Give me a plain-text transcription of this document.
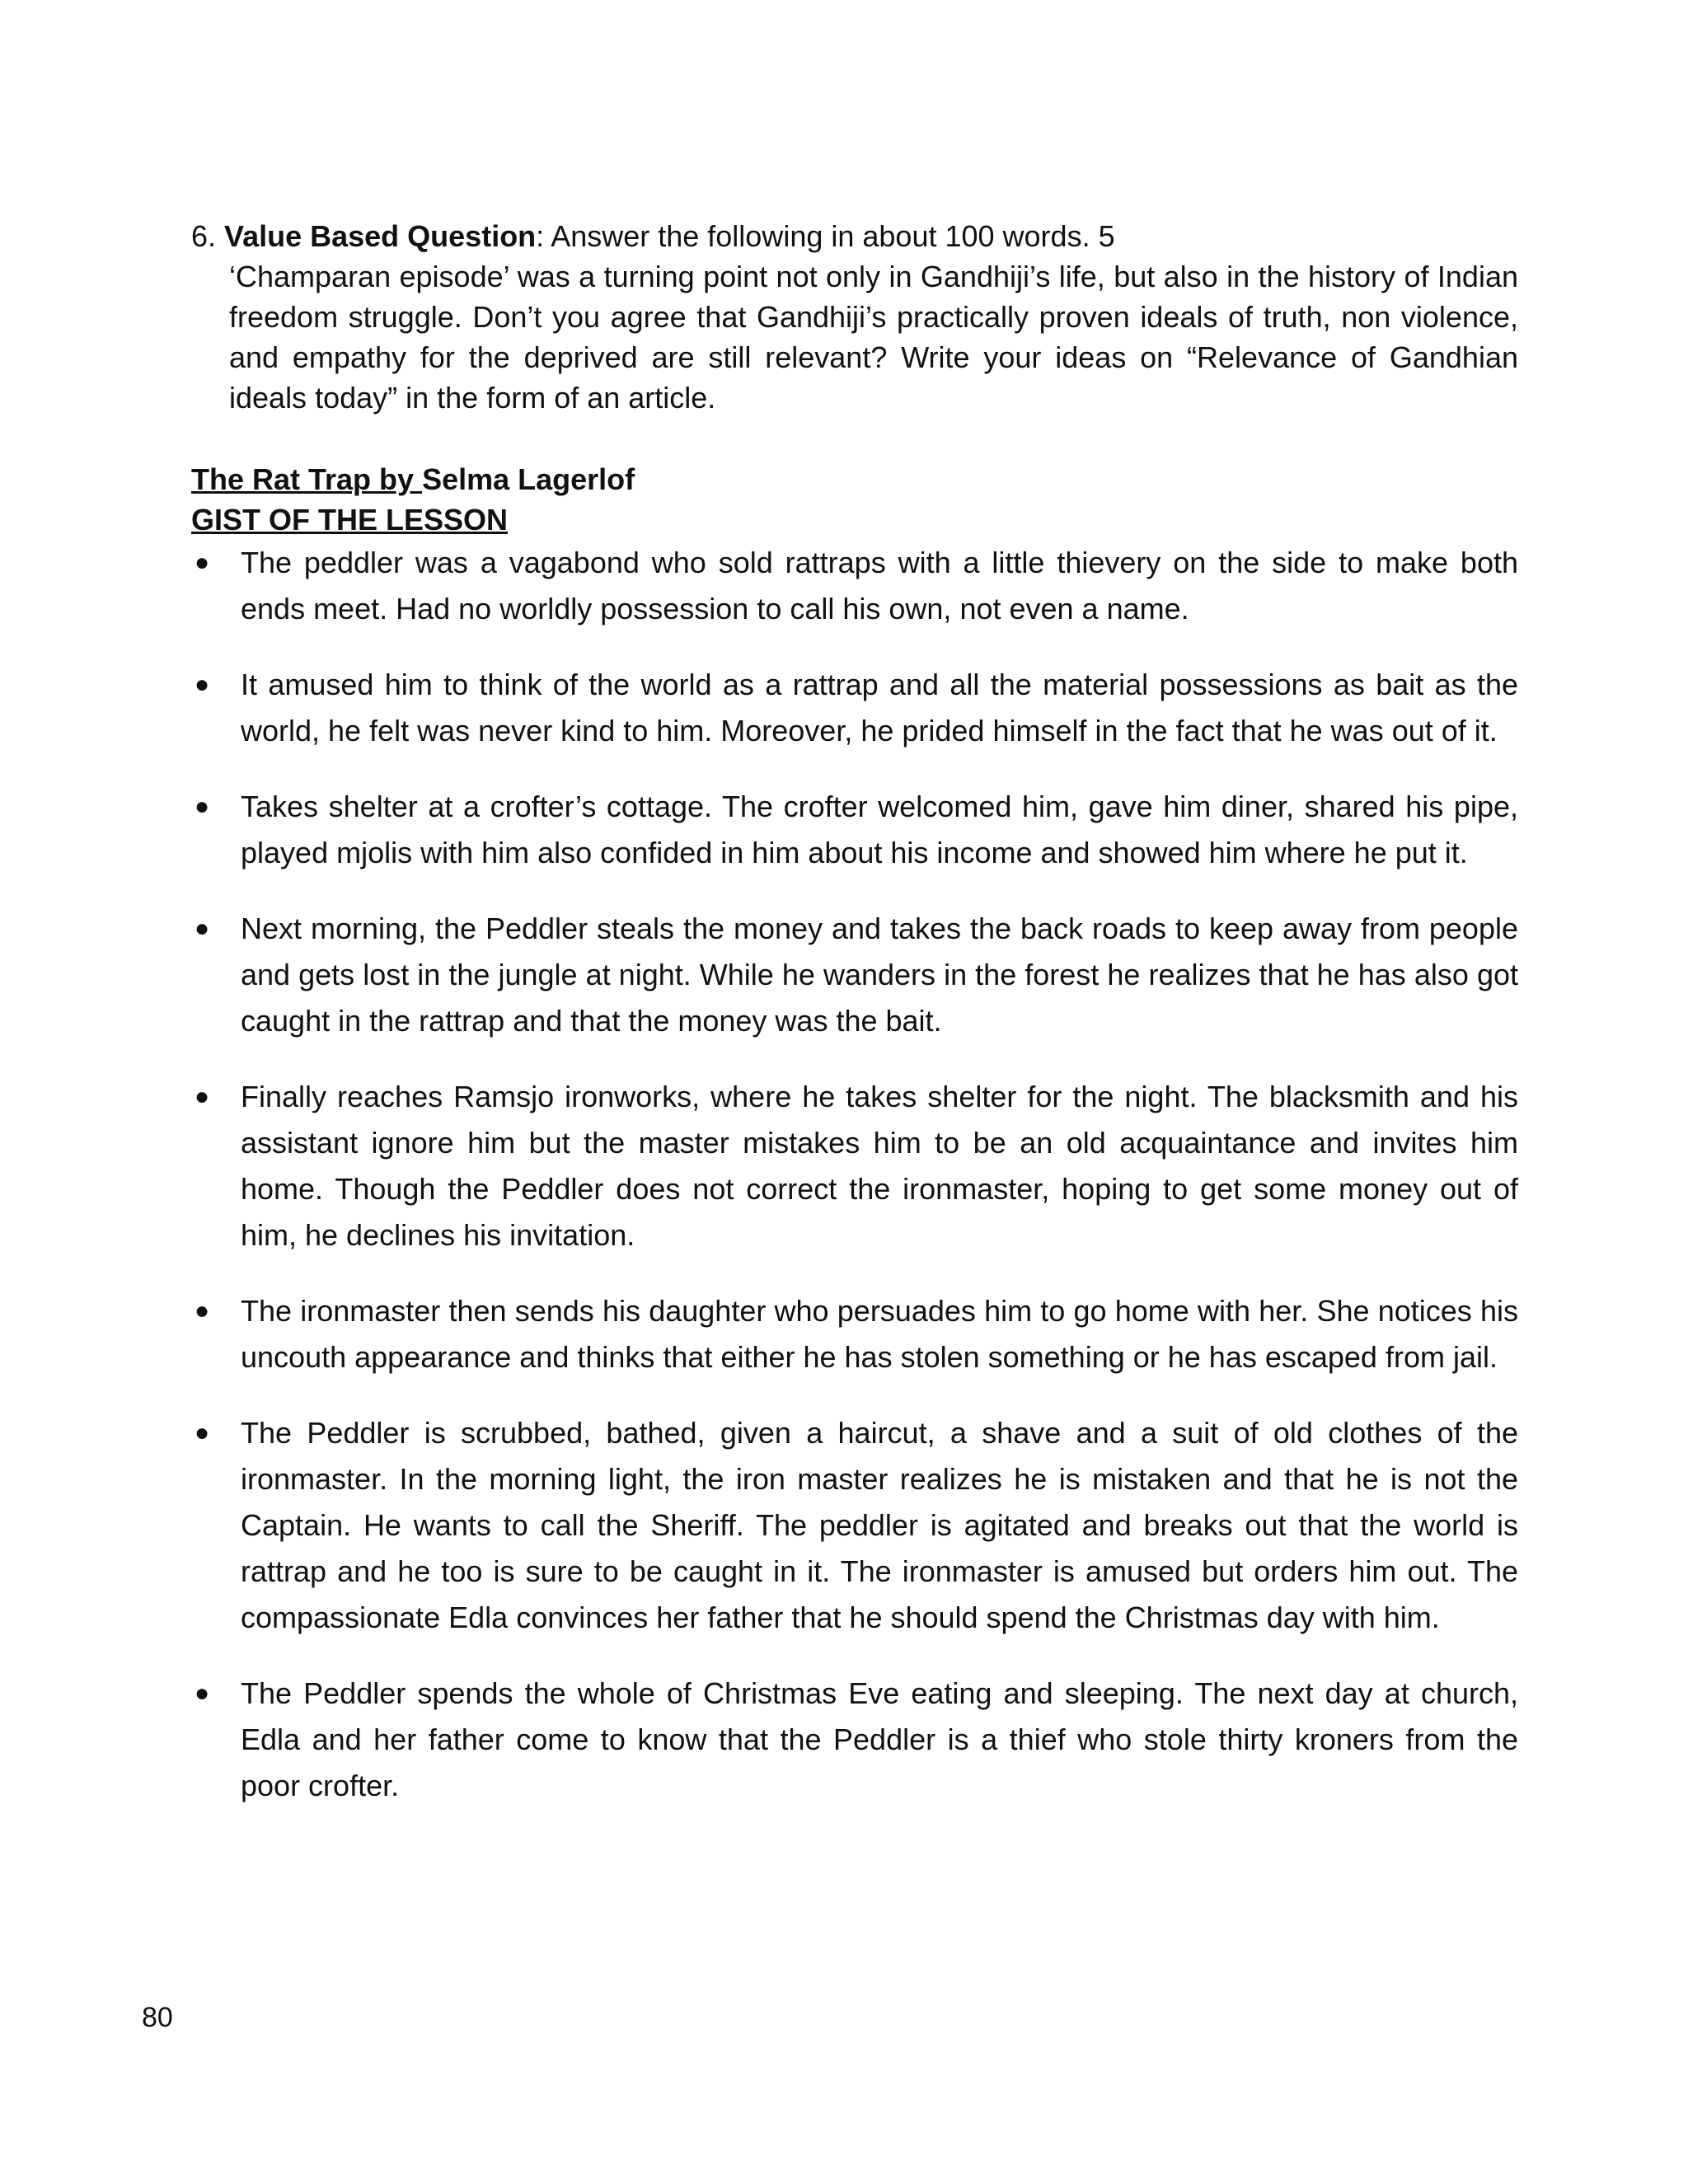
6. Value Based Question: Answer the following in about 100 words. 5
‘Champaran episode’ was a turning point not only in Gandhiji’s life, but also in the history of Indian freedom struggle. Don’t you agree that Gandhiji’s practically proven ideals of truth, non violence, and empathy for the deprived are still relevant? Write your ideas on “Relevance of Gandhian ideals today” in the form of an article.
The Rat Trap by Selma Lagerlof
GIST OF THE LESSON
● The peddler was a vagabond who sold rattraps with a little thievery on the side to make both ends meet. Had no worldly possession to call his own, not even a name.
● It amused him to think of the world as a rattrap and all the material possessions as bait as the world, he felt was never kind to him. Moreover, he prided himself in the fact that he was out of it.
● Takes shelter at a crofter’s cottage. The crofter welcomed him, gave him diner, shared his pipe, played mjolis with him also confided in him about his income and showed him where he put it.
● Next morning, the Peddler steals the money and takes the back roads to keep away from people and gets lost in the jungle at night. While he wanders in the forest he realizes that he has also got caught in the rattrap and that the money was the bait.
● Finally reaches Ramsjo ironworks, where he takes shelter for the night. The blacksmith and his assistant ignore him but the master mistakes him to be an old acquaintance and invites him home. Though the Peddler does not correct the ironmaster, hoping to get some money out of him, he declines his invitation.
● The ironmaster then sends his daughter who persuades him to go home with her. She notices his uncouth appearance and thinks that either he has stolen something or he has escaped from jail.
● The Peddler is scrubbed, bathed, given a haircut, a shave and a suit of old clothes of the ironmaster. In the morning light, the iron master realizes he is mistaken and that he is not the Captain. He wants to call the Sheriff. The peddler is agitated and breaks out that the world is rattrap and he too is sure to be caught in it. The ironmaster is amused but orders him out. The compassionate Edla convinces her father that he should spend the Christmas day with him.
● The Peddler spends the whole of Christmas Eve eating and sleeping. The next day at church, Edla and her father come to know that the Peddler is a thief who stole thirty kroners from the poor crofter.
80
